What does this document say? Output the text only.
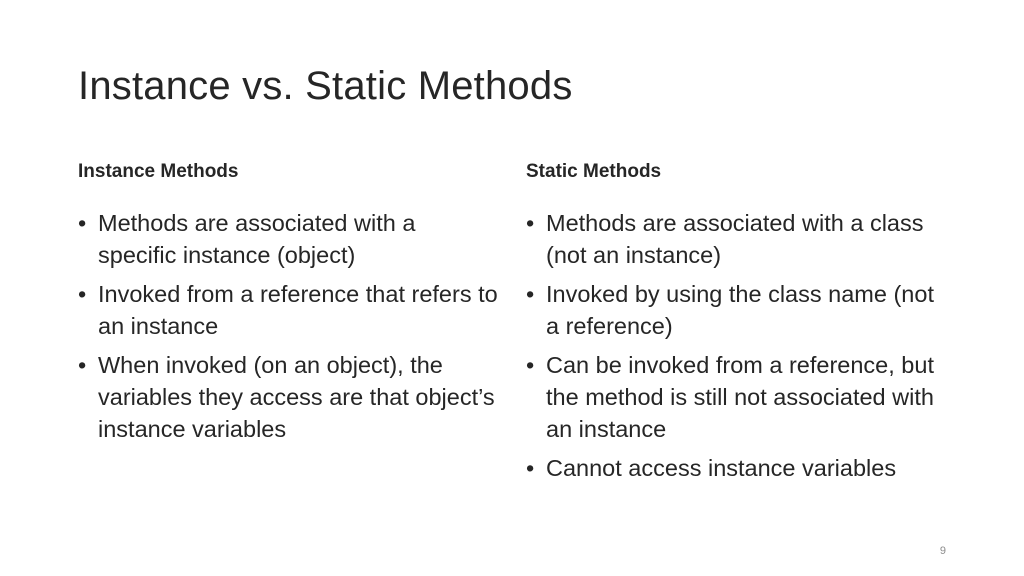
Instance vs. Static Methods
Instance Methods
• Methods are associated with a specific instance (object)
• Invoked from a reference that refers to an instance
• When invoked (on an object), the variables they access are that object’s instance variables
Static Methods
• Methods are associated with a class (not an instance)
• Invoked by using the class name (not a reference)
• Can be invoked from a reference, but the method is still not associated with an instance
• Cannot access instance variables
9
